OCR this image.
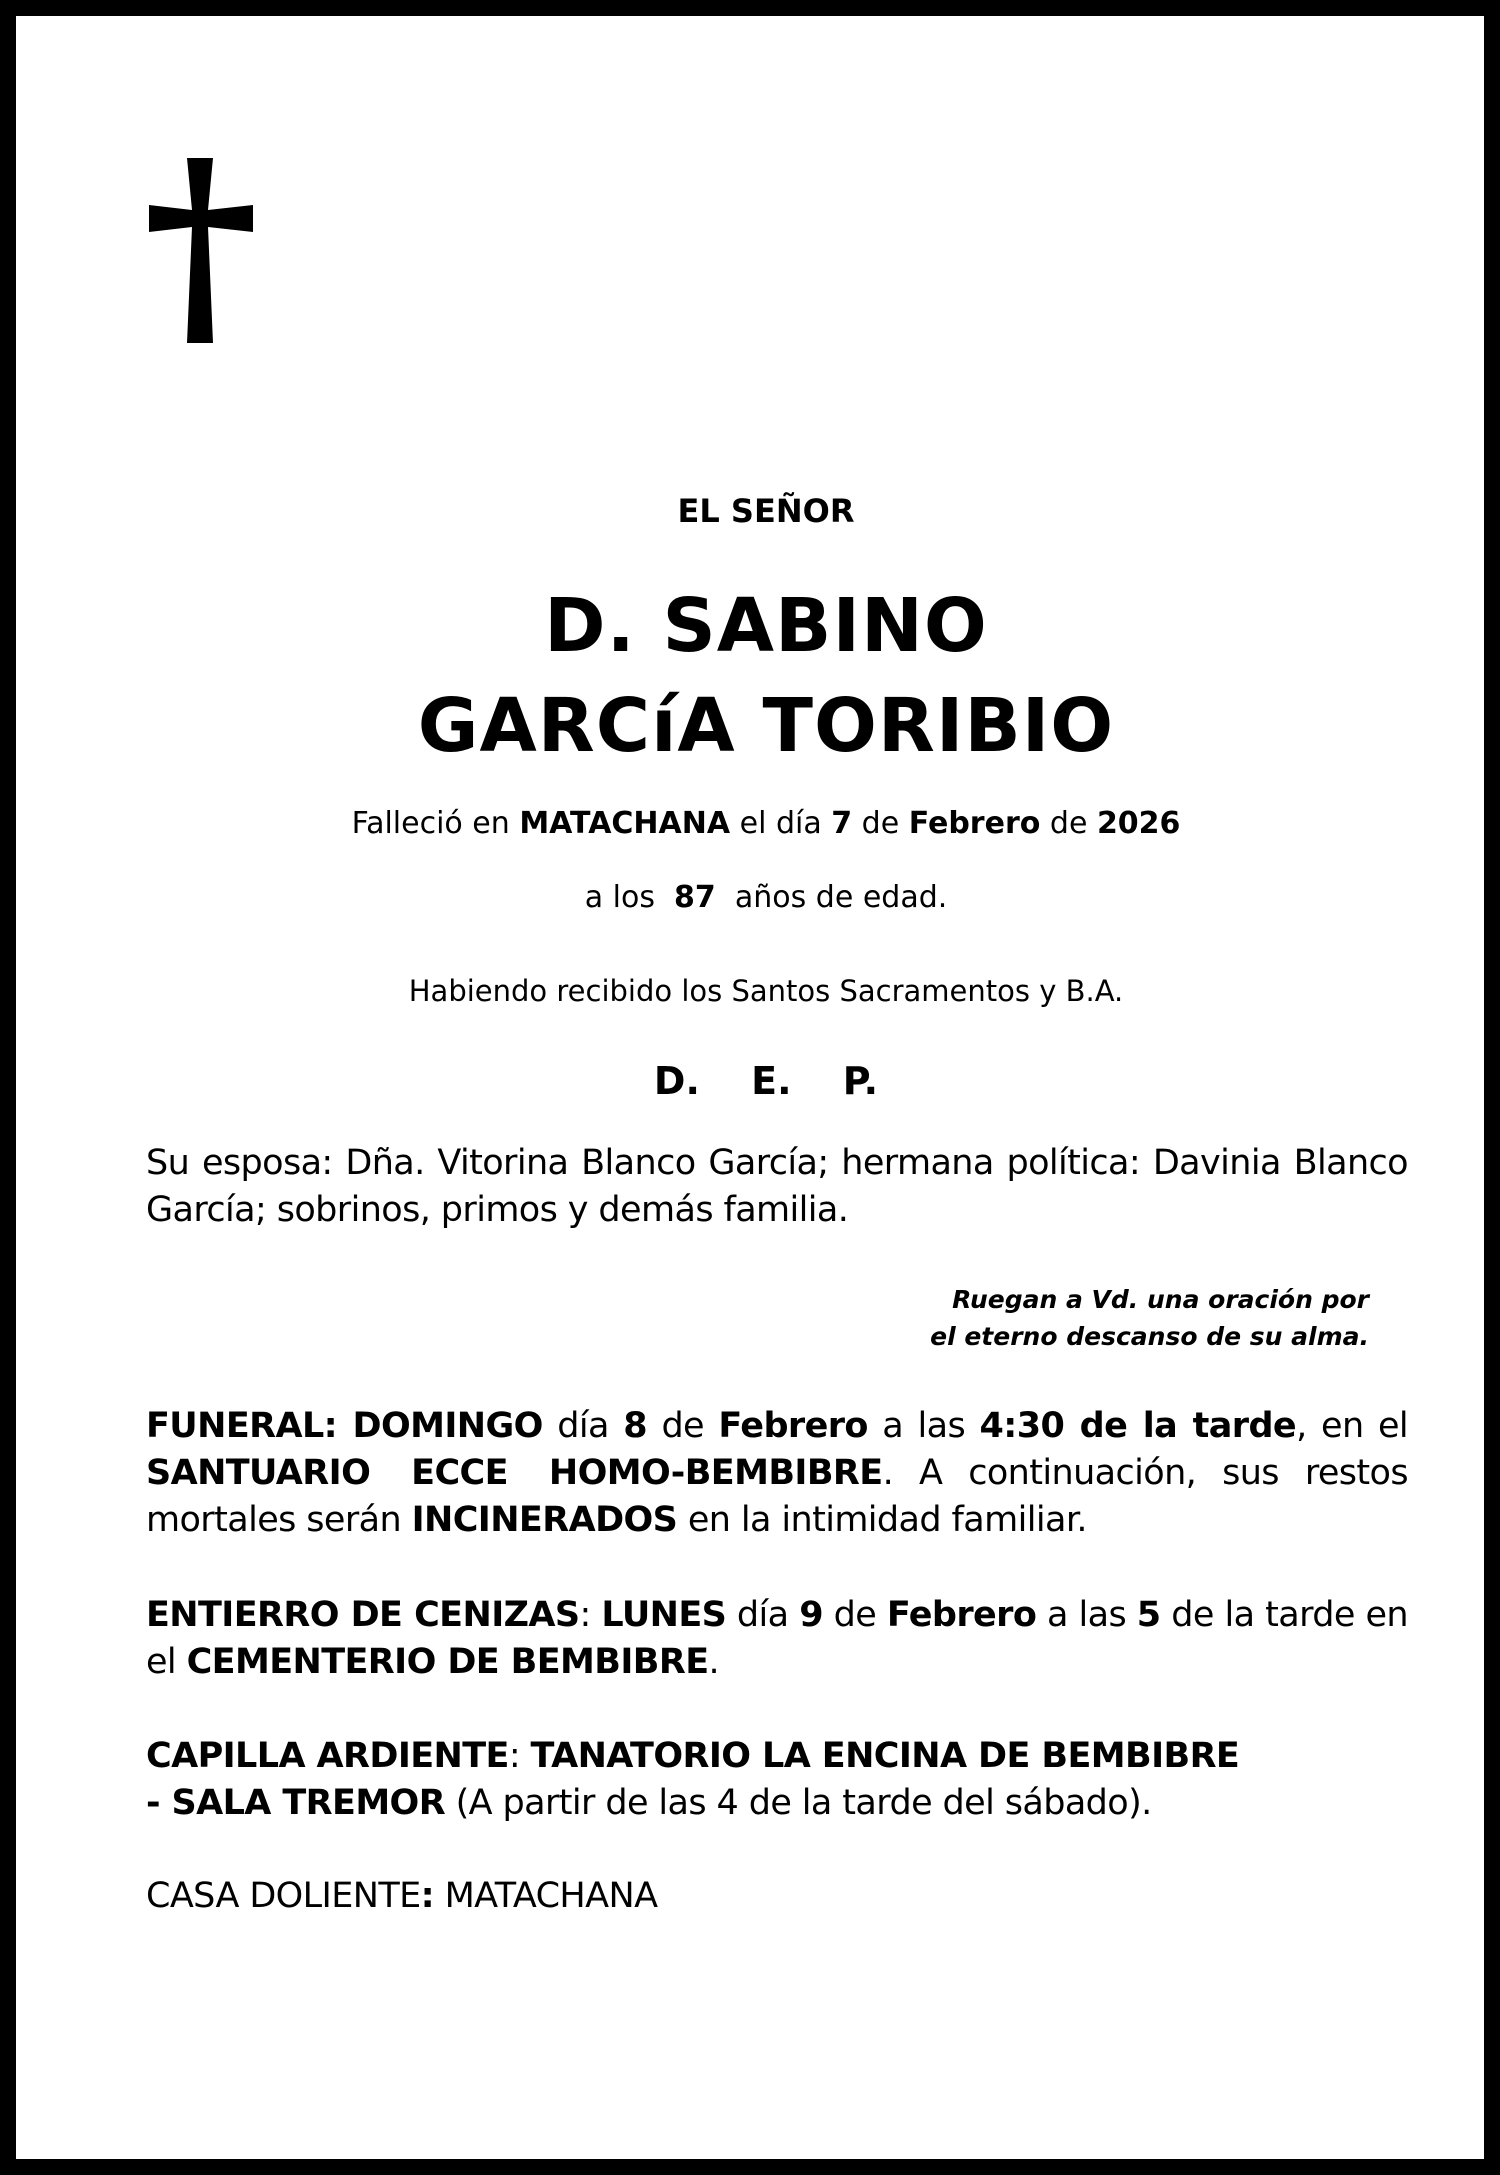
EL SEÑOR
D. SABINO
GARCíA TORIBIO
Falleció en MATACHANA el día 7 de Febrero de 2026
a los  87  años de edad.
Habiendo recibido los Santos Sacramentos y B.A.
D. E. P.
Su esposa: Dña. Vitorina Blanco García; hermana política: Davinia Blanco García; sobrinos, primos y demás familia.
Ruegan a Vd. una oración por
el eterno descanso de su alma.
FUNERAL: DOMINGO día 8 de Febrero a las 4:30 de la tarde, en el SANTUARIO ECCE HOMO-BEMBIBRE. A continuación, sus restos mortales serán INCINERADOS en la intimidad familiar.
ENTIERRO DE CENIZAS: LUNES día 9 de Febrero a las 5 de la tarde en el CEMENTERIO DE BEMBIBRE.
CAPILLA ARDIENTE: TANATORIO LA ENCINA DE BEMBIBRE
- SALA TREMOR (A partir de las 4 de la tarde del sábado).
CASA DOLIENTE: MATACHANA
